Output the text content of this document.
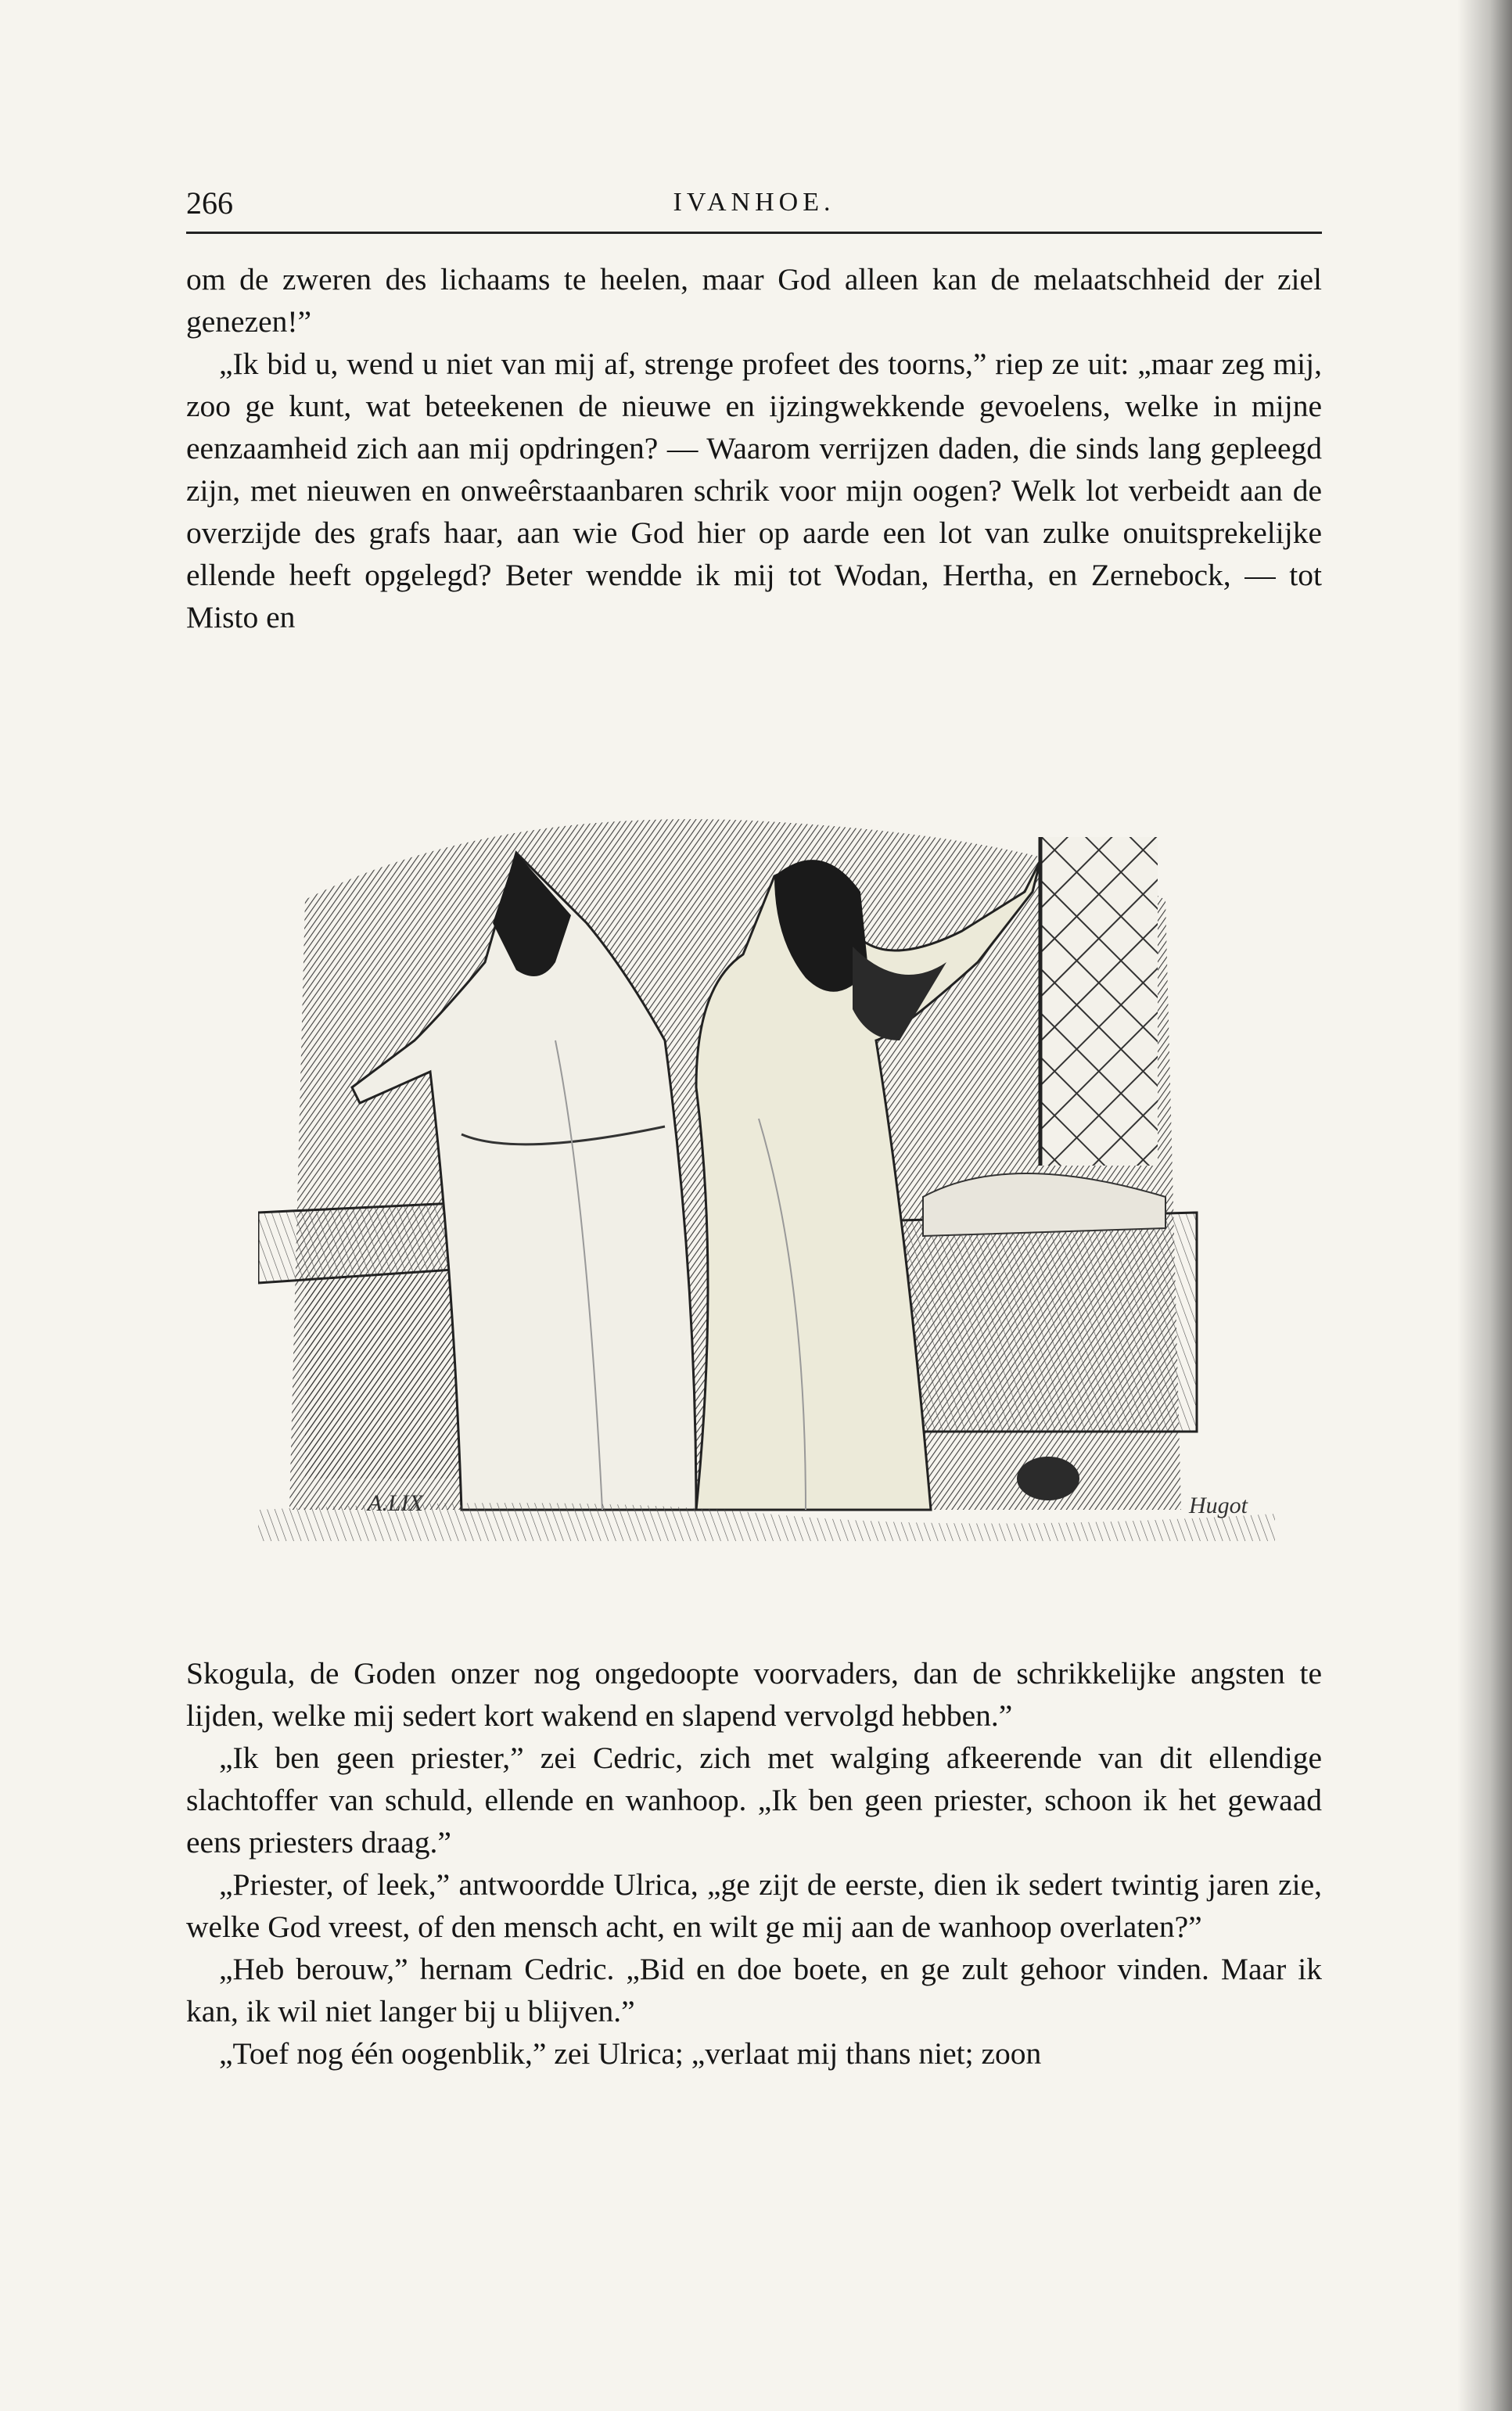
266	IVANHOE.

om de zweren des lichaams te heelen, maar God alleen kan de melaatschheid der ziel genezen!”

„Ik bid u, wend u niet van mij af, strenge profeet des toorns,” riep ze uit: „maar zeg mij, zoo ge kunt, wat beteekenen de nieuwe en ijzingwekkende gevoelens, welke in mijne eenzaamheid zich aan mij opdringen? — Waarom verrijzen daden, die sinds lang gepleegd zijn, met nieuwen en onweêrstaanbaren schrik voor mijn oogen? Welk lot verbeidt aan de overzijde des grafs haar, aan wie God hier op aarde een lot van zulke onuitsprekelijke ellende heeft opgelegd? Beter wendde ik mij tot Wodan, Hertha, en Zernebock, — tot Misto en

A.LIX	Hugot

Skogula, de Goden onzer nog ongedoopte voorvaders, dan de schrikkelijke angsten te lijden, welke mij sedert kort wakend en slapend vervolgd hebben.”

„Ik ben geen priester,” zei Cedric, zich met walging afkeerende van dit ellendige slachtoffer van schuld, ellende en wanhoop. „Ik ben geen priester, schoon ik het gewaad eens priesters draag.”

„Priester, of leek,” antwoordde Ulrica, „ge zijt de eerste, dien ik sedert twintig jaren zie, welke God vreest, of den mensch acht, en wilt ge mij aan de wanhoop overlaten?”

„Heb berouw,” hernam Cedric. „Bid en doe boete, en ge zult gehoor vinden. Maar ik kan, ik wil niet langer bij u blijven.”

„Toef nog één oogenblik,” zei Ulrica; „verlaat mij thans niet; zoon
